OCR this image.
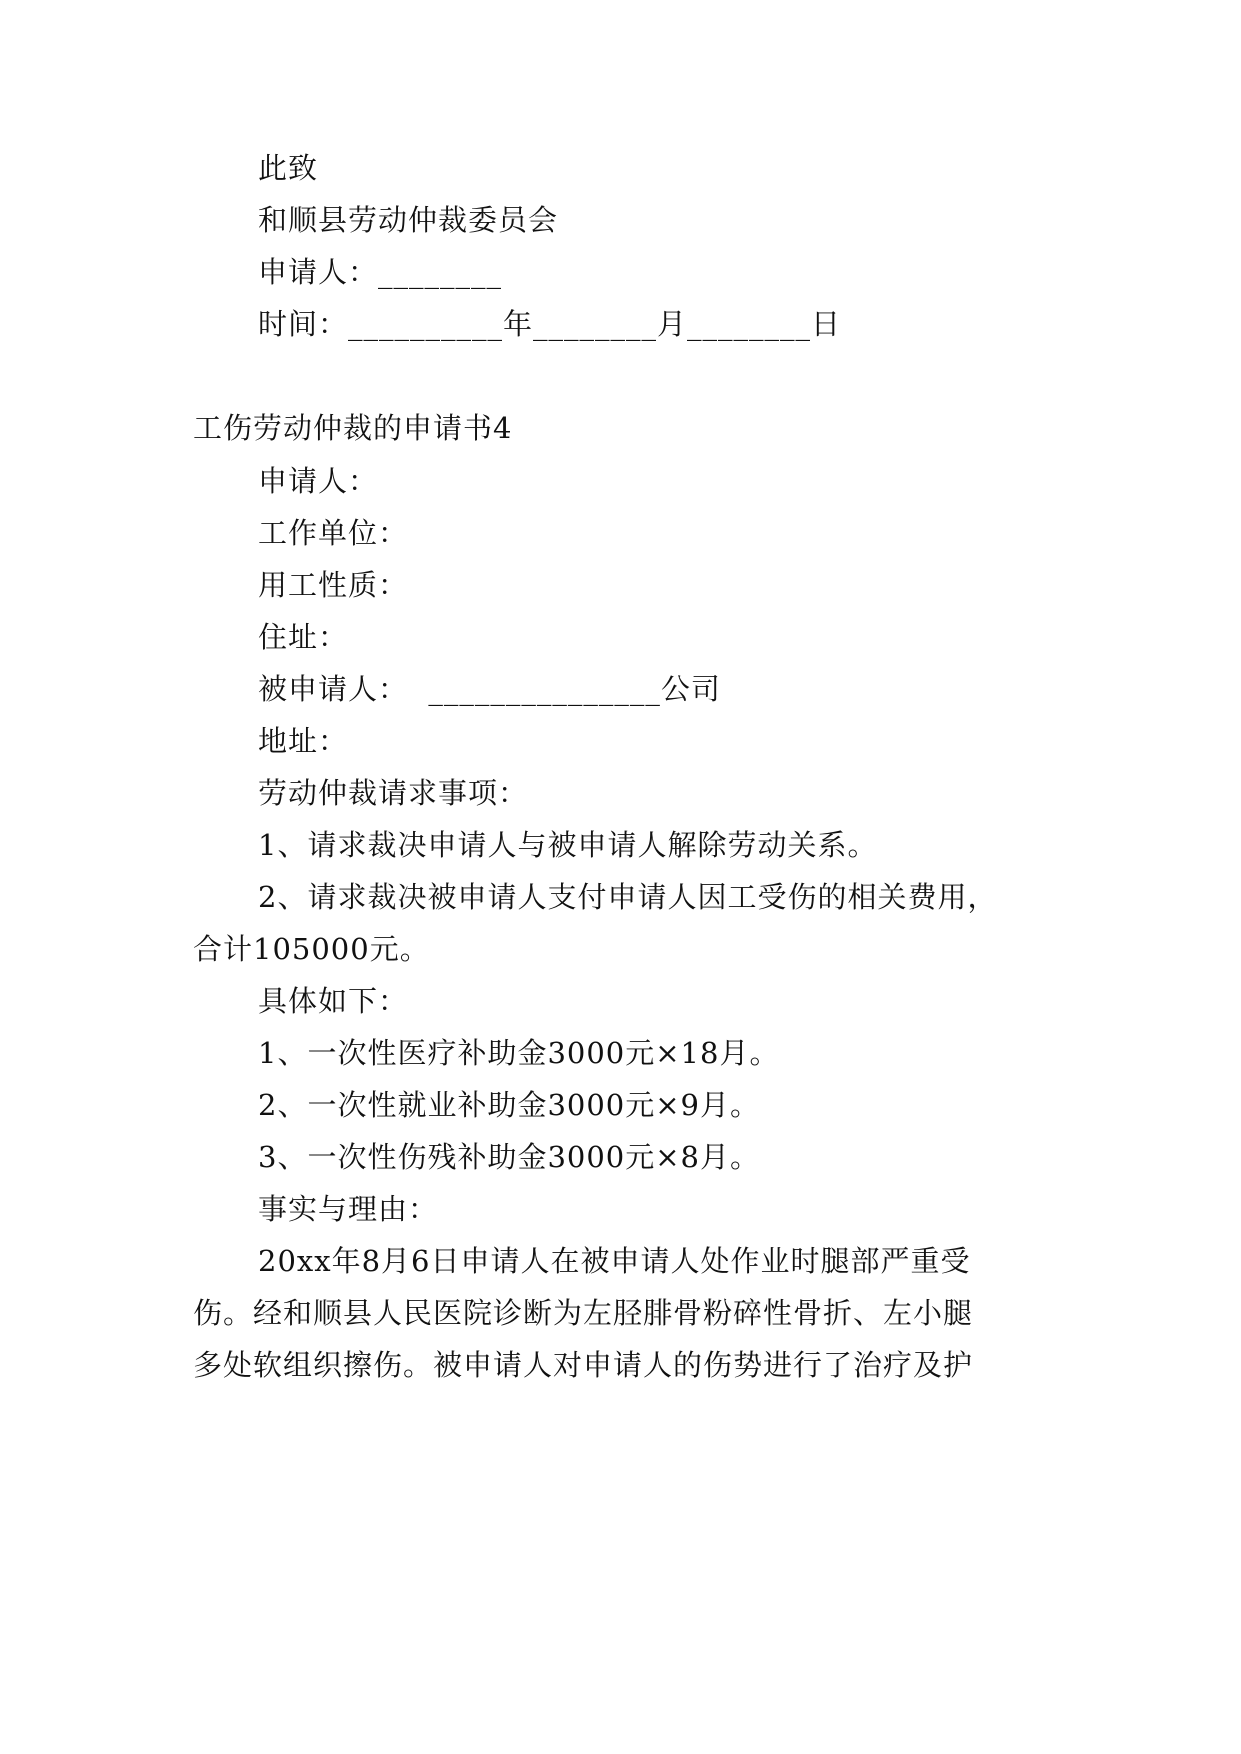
此致
和顺县劳动仲裁委员会
申请人：________
时间：__________年________月________日
工伤劳动仲裁的申请书4
申请人：
工作单位：
用工性质：
住址：
被申请人：  _______________公司
地址：
劳动仲裁请求事项：
1、请求裁决申请人与被申请人解除劳动关系。
2、请求裁决被申请人支付申请人因工受伤的相关费用，
合计105000元。
具体如下：
1、一次性医疗补助金3000元×18月。
2、一次性就业补助金3000元×9月。
3、一次性伤残补助金3000元×8月。
事实与理由：
20xx年8月6日申请人在被申请人处作业时腿部严重受
伤。经和顺县人民医院诊断为左胫腓骨粉碎性骨折、左小腿
多处软组织擦伤。被申请人对申请人的伤势进行了治疗及护
